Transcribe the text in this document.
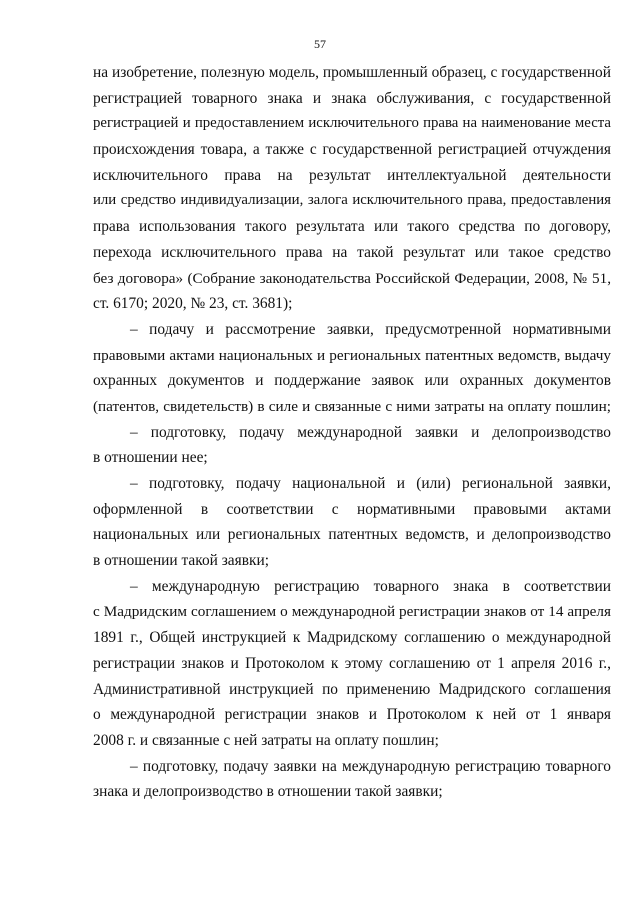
57
на изобретение, полезную модель, промышленный образец, с государственной
регистрацией товарного знака и знака обслуживания, с государственной
регистрацией и предоставлением исключительного права на наименование места
происхождения товара, а также с государственной регистрацией отчуждения
исключительного права на результат интеллектуальной деятельности
или средство индивидуализации, залога исключительного права, предоставления
права использования такого результата или такого средства по договору,
перехода исключительного права на такой результат или такое средство
без договора» (Собрание законодательства Российской Федерации, 2008, № 51,
ст. 6170; 2020, № 23, ст. 3681);
– подачу и рассмотрение заявки, предусмотренной нормативными
правовыми актами национальных и региональных патентных ведомств, выдачу
охранных документов и поддержание заявок или охранных документов
(патентов, свидетельств) в силе и связанные с ними затраты на оплату пошлин;
– подготовку, подачу международной заявки и делопроизводство
в отношении нее;
– подготовку, подачу национальной и (или) региональной заявки,
оформленной в соответствии с нормативными правовыми актами
национальных или региональных патентных ведомств, и делопроизводство
в отношении такой заявки;
– международную регистрацию товарного знака в соответствии
с Мадридским соглашением о международной регистрации знаков от 14 апреля
1891 г., Общей инструкцией к Мадридскому соглашению о международной
регистрации знаков и Протоколом к этому соглашению от 1 апреля 2016 г.,
Административной инструкцией по применению Мадридского соглашения
о международной регистрации знаков и Протоколом к ней от 1 января
2008 г. и связанные с ней затраты на оплату пошлин;
– подготовку, подачу заявки на международную регистрацию товарного
знака и делопроизводство в отношении такой заявки;
